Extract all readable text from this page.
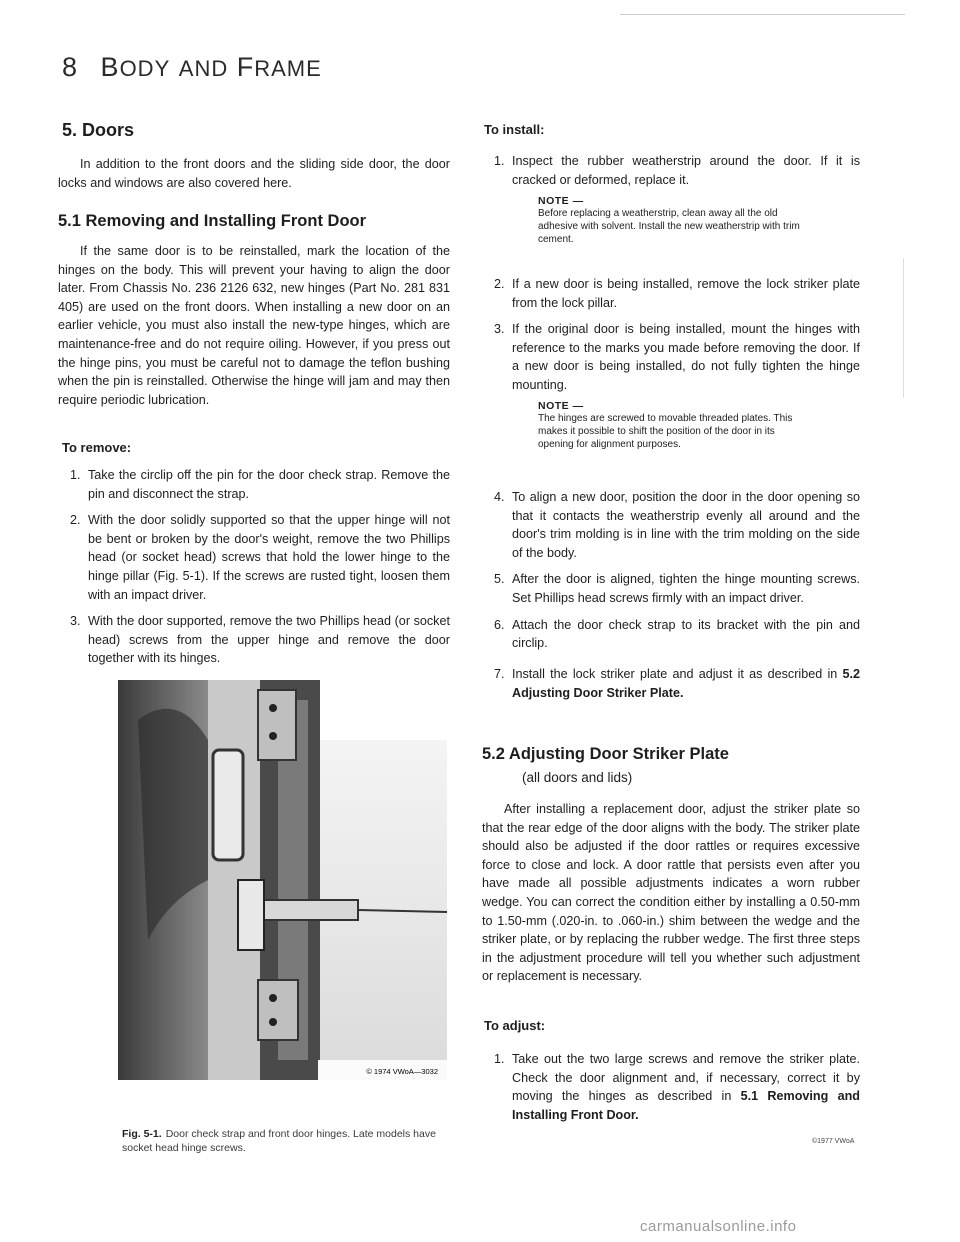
8 BODY AND FRAME
5. Doors
In addition to the front doors and the sliding side door, the door locks and windows are also covered here.
5.1 Removing and Installing Front Door
If the same door is to be reinstalled, mark the location of the hinges on the body. This will prevent your having to align the door later. From Chassis No. 236 2126 632, new hinges (Part No. 281 831 405) are used on the front doors. When installing a new door on an earlier vehicle, you must also install the new-type hinges, which are maintenance-free and do not require oiling. However, if you press out the hinge pins, you must be careful not to damage the teflon bushing when the pin is reinstalled. Otherwise the hinge will jam and may then require periodic lubrication.
To remove:
1. Take the circlip off the pin for the door check strap. Remove the pin and disconnect the strap.
2. With the door solidly supported so that the upper hinge will not be bent or broken by the door's weight, remove the two Phillips head (or socket head) screws that hold the lower hinge to the hinge pillar (Fig. 5-1). If the screws are rusted tight, loosen them with an impact driver.
3. With the door supported, remove the two Phillips head (or socket head) screws from the upper hinge and remove the door together with its hinges.
© 1974 VWoA—3032
Fig. 5-1. Door check strap and front door hinges. Late models have socket head hinge screws.
To install:
1. Inspect the rubber weatherstrip around the door. If it is cracked or deformed, replace it.
NOTE —
Before replacing a weatherstrip, clean away all the old adhesive with solvent. Install the new weatherstrip with trim cement.
2. If a new door is being installed, remove the lock striker plate from the lock pillar.
3. If the original door is being installed, mount the hinges with reference to the marks you made before removing the door. If a new door is being installed, do not fully tighten the hinge mounting.
NOTE —
The hinges are screwed to movable threaded plates. This makes it possible to shift the position of the door in its opening for alignment purposes.
4. To align a new door, position the door in the door opening so that it contacts the weatherstrip evenly all around and the door's trim molding is in line with the trim molding on the side of the body.
5. After the door is aligned, tighten the hinge mounting screws. Set Phillips head screws firmly with an impact driver.
6. Attach the door check strap to its bracket with the pin and circlip.
7. Install the lock striker plate and adjust it as described in 5.2 Adjusting Door Striker Plate.
5.2 Adjusting Door Striker Plate
(all doors and lids)
After installing a replacement door, adjust the striker plate so that the rear edge of the door aligns with the body. The striker plate should also be adjusted if the door rattles or requires excessive force to close and lock. A door rattle that persists even after you have made all possible adjustments indicates a worn rubber wedge. You can correct the condition either by installing a 0.50-mm to 1.50-mm (.020-in. to .060-in.) shim between the wedge and the striker plate, or by replacing the rubber wedge. The first three steps in the adjustment procedure will tell you whether such adjustment or replacement is necessary.
To adjust:
1. Take out the two large screws and remove the striker plate. Check the door alignment and, if necessary, correct it by moving the hinges as described in 5.1 Removing and Installing Front Door.
©1977 VWoA
carmanualsonline.info
